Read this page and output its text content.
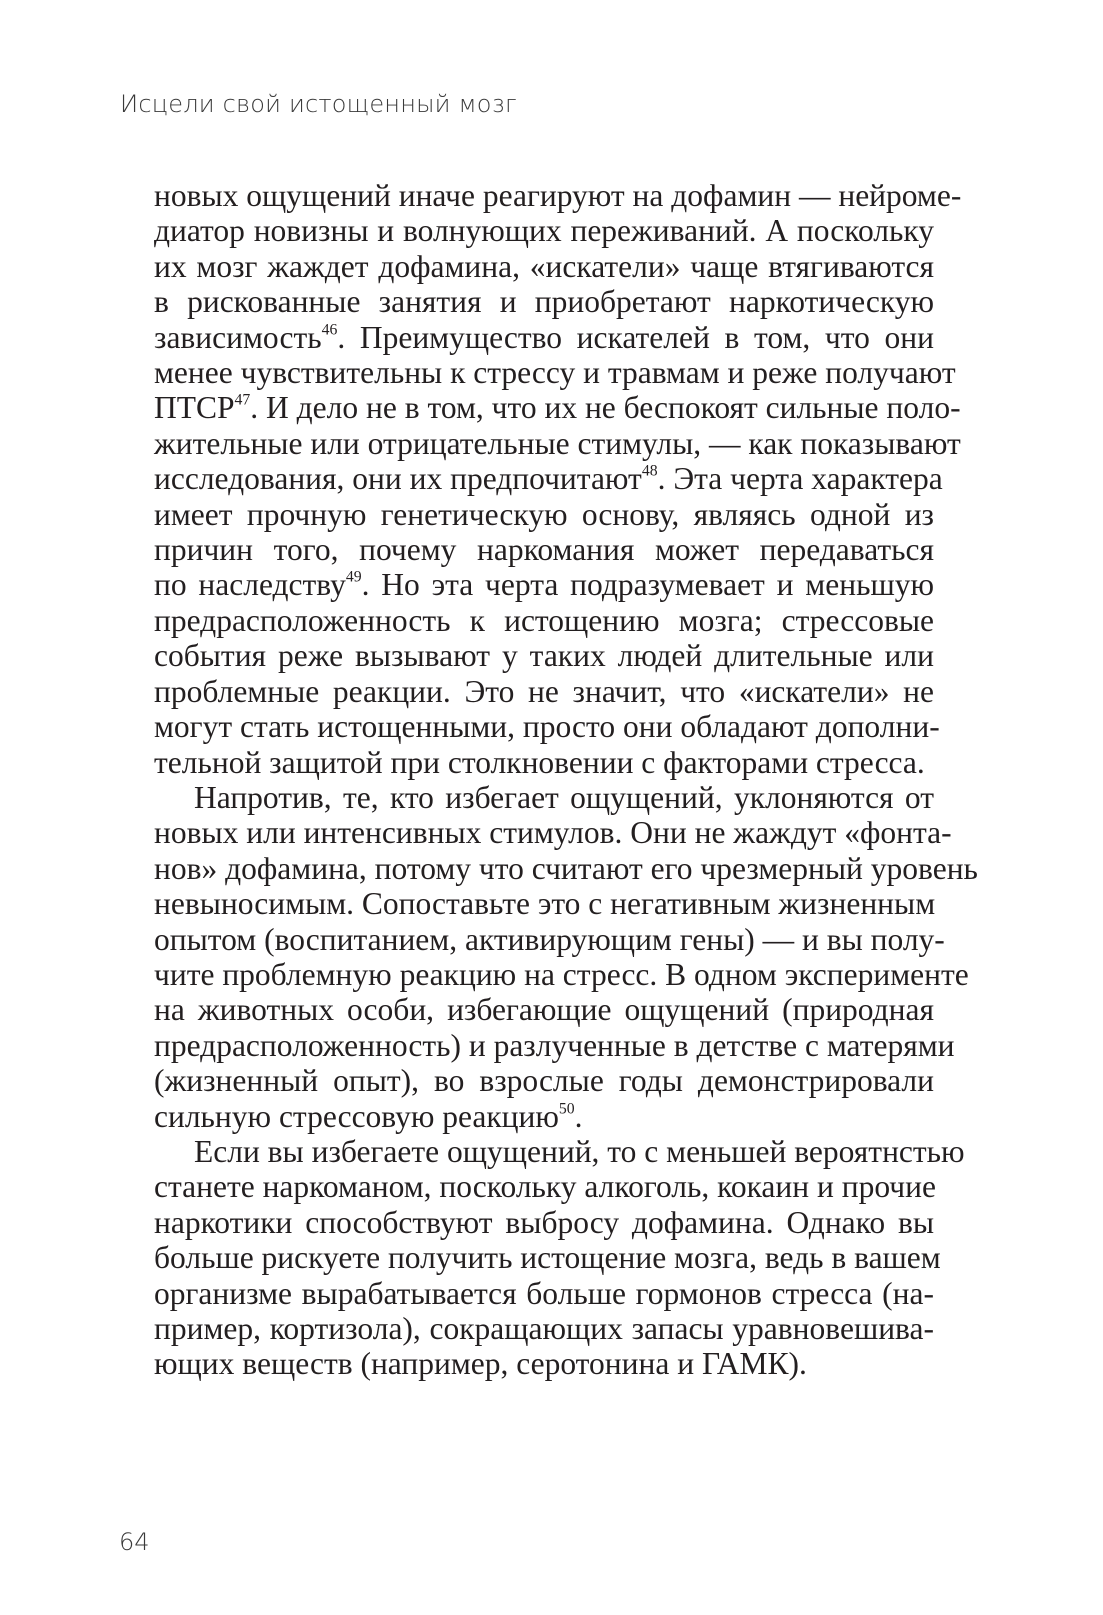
Исцели свой истощенный мозг

новых ощущений иначе реагируют на дофамин — нейроме-
диатор новизны и волнующих переживаний. А поскольку
их мозг жаждет дофамина, «искатели» чаще втягиваются
в рискованные занятия и приобретают наркотическую
зависимость$^{46}$. Преимущество искателей в том, что они
менее чувствительны к стрессу и травмам и реже получают
ПТСР$^{47}$. И дело не в том, что их не беспокоят сильные поло-
жительные или отрицательные стимулы, — как показывают
исследования, они их предпочитают$^{48}$. Эта черта характера
имеет прочную генетическую основу, являясь одной из
причин того, почему наркомания может передаваться
по наследству$^{49}$. Но эта черта подразумевает и меньшую
предрасположенность к истощению мозга; стрессовые
события реже вызывают у таких людей длительные или
проблемные реакции. Это не значит, что «искатели» не
могут стать истощенными, просто они обладают дополни-
тельной защитой при столкновении с факторами стресса.

Напротив, те, кто избегает ощущений, уклоняются от
новых или интенсивных стимулов. Они не жаждут «фонта-
нов» дофамина, потому что считают его чрезмерный уровень
невыносимым. Сопоставьте это с негативным жизненным
опытом (воспитанием, активирующим гены) — и вы полу-
чите проблемную реакцию на стресс. В одном эксперименте
на животных особи, избегающие ощущений (природная
предрасположенность) и разлученные в детстве с матерями
(жизненный опыт), во взрослые годы демонстрировали
сильную стрессовую реакцию$^{50}$.

Если вы избегаете ощущений, то с меньшей вероятнстью
станете наркоманом, поскольку алкоголь, кокаин и прочие
наркотики способствуют выбросу дофамина. Однако вы
больше рискуете получить истощение мозга, ведь в вашем
организме вырабатывается больше гормонов стресса (на-
пример, кортизола), сокращающих запасы уравновешива-
ющих веществ (например, серотонина и ГАМК).

64
